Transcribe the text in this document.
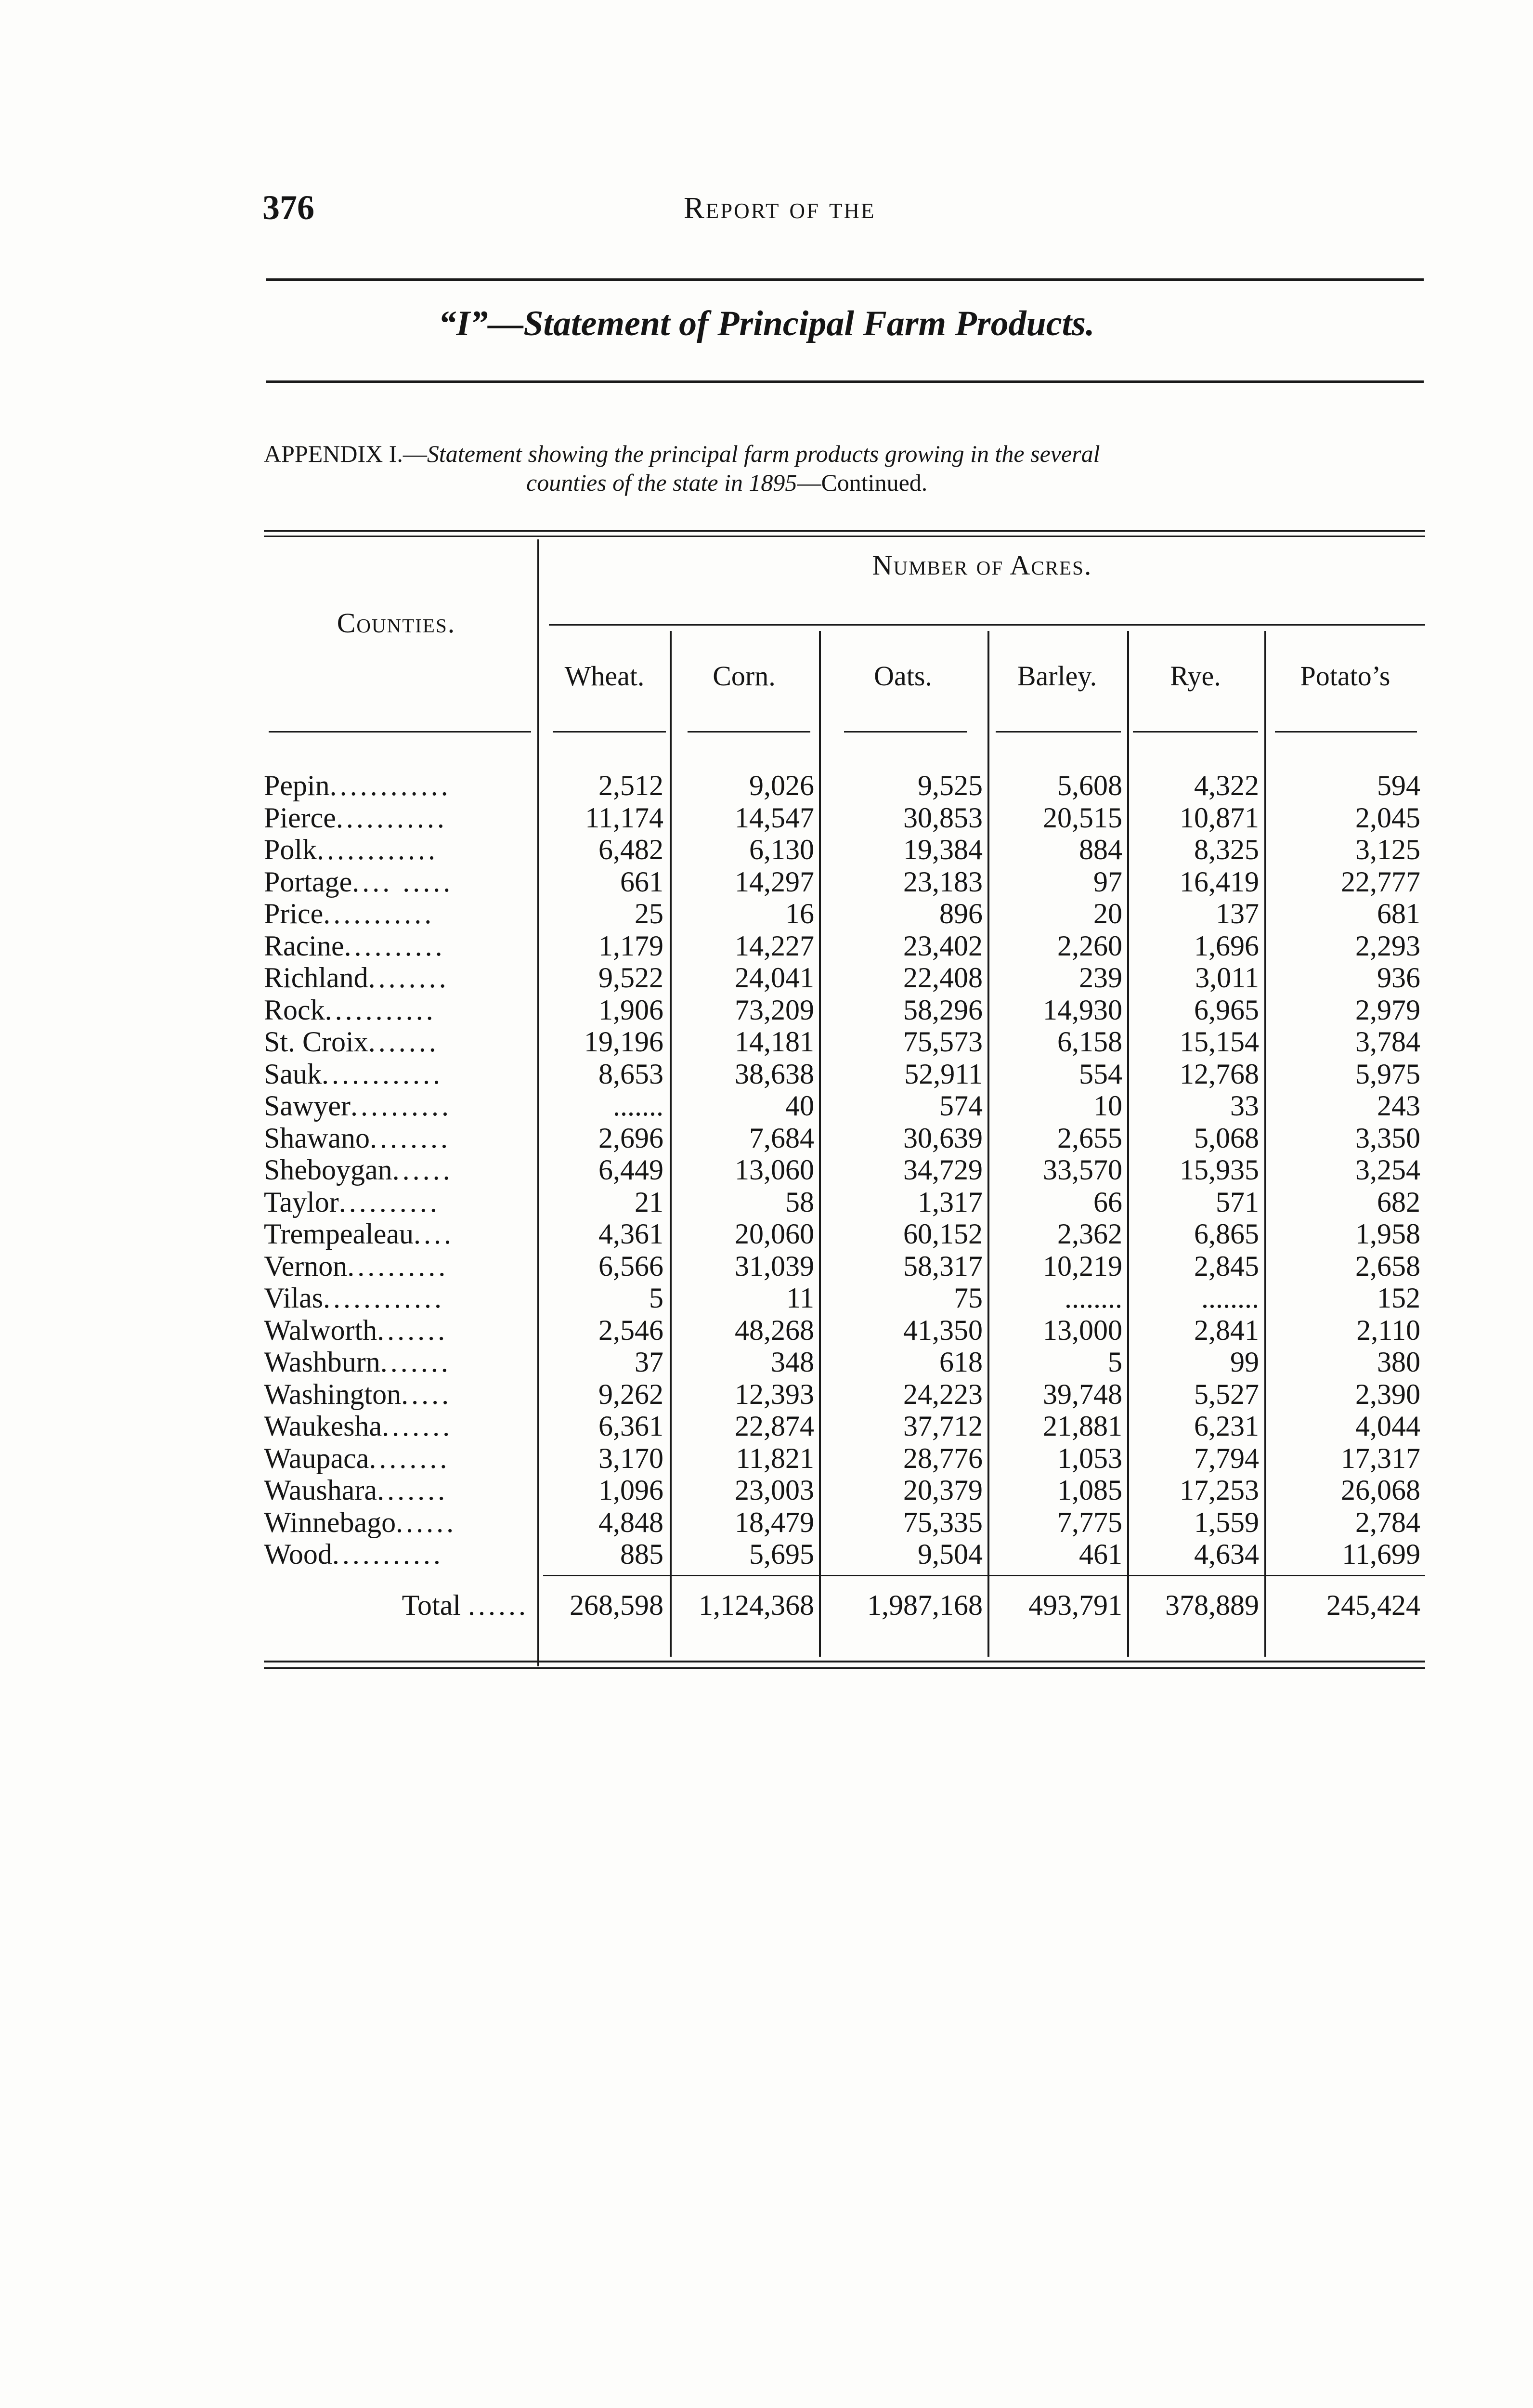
376	Report of the
“I”—Statement of Principal Farm Products.
APPENDIX I.—Statement showing the principal farm products growing in the several
counties of the state in 1895—Continued.
Counties.
Number of Acres.
Wheat.	Corn.	Oats.	Barley.	Rye.	Potato’s
Pepin............	2,512	9,026	9,525	5,608	4,322	594
Pierce...........	11,174	14,547	30,853	20,515	10,871	2,045
Polk............	6,482	6,130	19,384	884	8,325	3,125
Portage.... .....	661	14,297	23,183	97	16,419	22,777
Price...........	25	16	896	20	137	681
Racine..........	1,179	14,227	23,402	2,260	1,696	2,293
Richland........	9,522	24,041	22,408	239	3,011	936
Rock...........	1,906	73,209	58,296	14,930	6,965	2,979
St. Croix.......	19,196	14,181	75,573	6,158	15,154	3,784
Sauk............	8,653	38,638	52,911	554	12,768	5,975
Sawyer..........	.......	40	574	10	33	243
Shawano........	2,696	7,684	30,639	2,655	5,068	3,350
Sheboygan......	6,449	13,060	34,729	33,570	15,935	3,254
Taylor..........	21	58	1,317	66	571	682
Trempealeau....	4,361	20,060	60,152	2,362	6,865	1,958
Vernon..........	6,566	31,039	58,317	10,219	2,845	2,658
Vilas............	5	11	75	........	........	152
Walworth.......	2,546	48,268	41,350	13,000	2,841	2,110
Washburn.......	37	348	618	5	99	380
Washington.....	9,262	12,393	24,223	39,748	5,527	2,390
Waukesha.......	6,361	22,874	37,712	21,881	6,231	4,044
Waupaca........	3,170	11,821	28,776	1,053	7,794	17,317
Waushara.......	1,096	23,003	20,379	1,085	17,253	26,068
Winnebago......	4,848	18,479	75,335	7,775	1,559	2,784
Wood...........	885	5,695	9,504	461	4,634	11,699
Total ......	268,598	1,124,368	1,987,168	493,791	378,889	245,424
